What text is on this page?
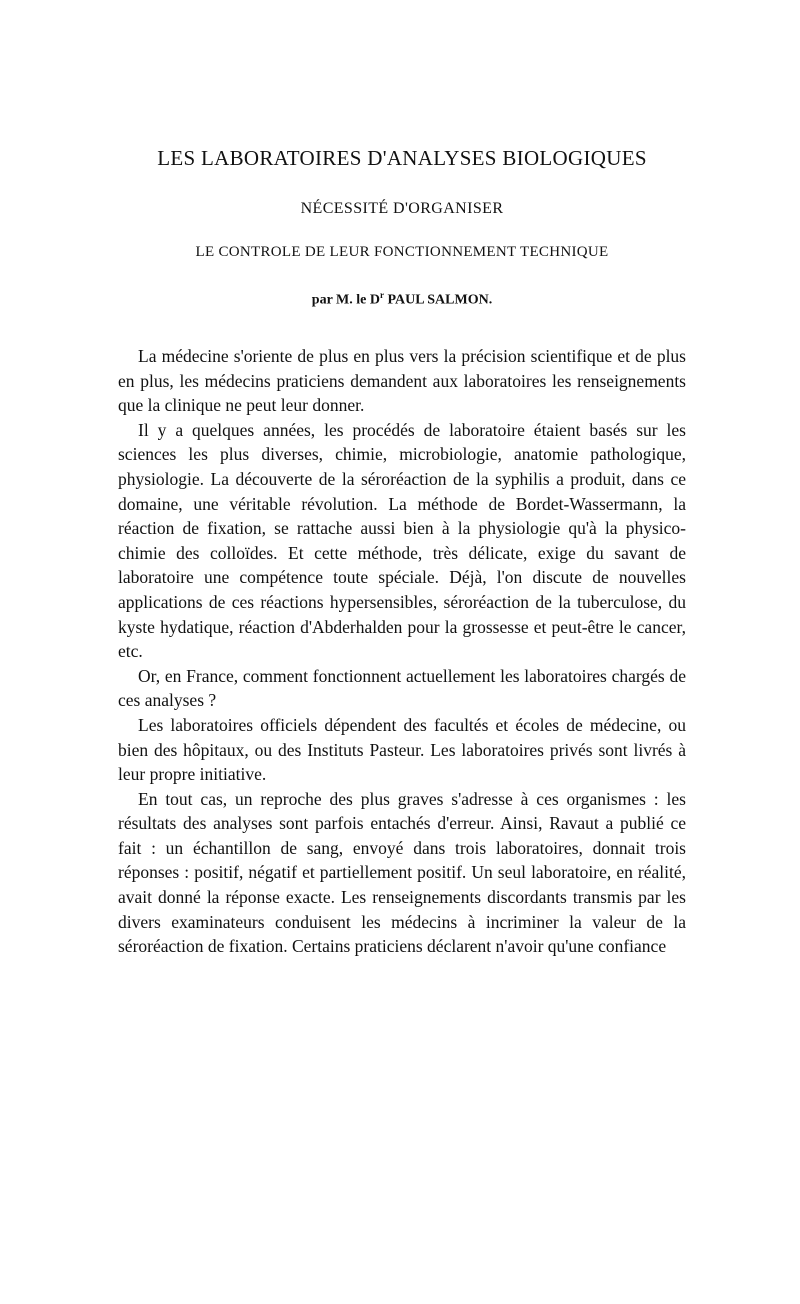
LES LABORATOIRES D'ANALYSES BIOLOGIQUES
NÉCESSITÉ D'ORGANISER
LE CONTROLE DE LEUR FONCTIONNEMENT TECHNIQUE
par M. le $D^r$ PAUL SALMON.

La médecine s'oriente de plus en plus vers la précision scientifique et de plus en plus, les médecins praticiens demandent aux laboratoires les renseignements que la clinique ne peut leur donner.

Il y a quelques années, les procédés de laboratoire étaient basés sur les sciences les plus diverses, chimie, microbiologie, anatomie pathologique, physiologie. La découverte de la séroréaction de la syphilis a produit, dans ce domaine, une véritable révolution. La méthode de Bordet-Wassermann, la réaction de fixation, se rattache aussi bien à la physiologie qu'à la physico-chimie des colloïdes. Et cette méthode, très délicate, exige du savant de laboratoire une compétence toute spéciale. Déjà, l'on discute de nouvelles applications de ces réactions hypersensibles, séroréaction de la tuberculose, du kyste hydatique, réaction d'Abderhalden pour la grossesse et peut-être le cancer, etc.

Or, en France, comment fonctionnent actuellement les laboratoires chargés de ces analyses ?

Les laboratoires officiels dépendent des facultés et écoles de médecine, ou bien des hôpitaux, ou des Instituts Pasteur. Les laboratoires privés sont livrés à leur propre initiative.

En tout cas, un reproche des plus graves s'adresse à ces organismes : les résultats des analyses sont parfois entachés d'erreur. Ainsi, Ravaut a publié ce fait : un échantillon de sang, envoyé dans trois laboratoires, donnait trois réponses : positif, négatif et partiellement positif. Un seul laboratoire, en réalité, avait donné la réponse exacte. Les renseignements discordants transmis par les divers examinateurs conduisent les médecins à incriminer la valeur de la séroréaction de fixation. Certains praticiens déclarent n'avoir qu'une confiance
